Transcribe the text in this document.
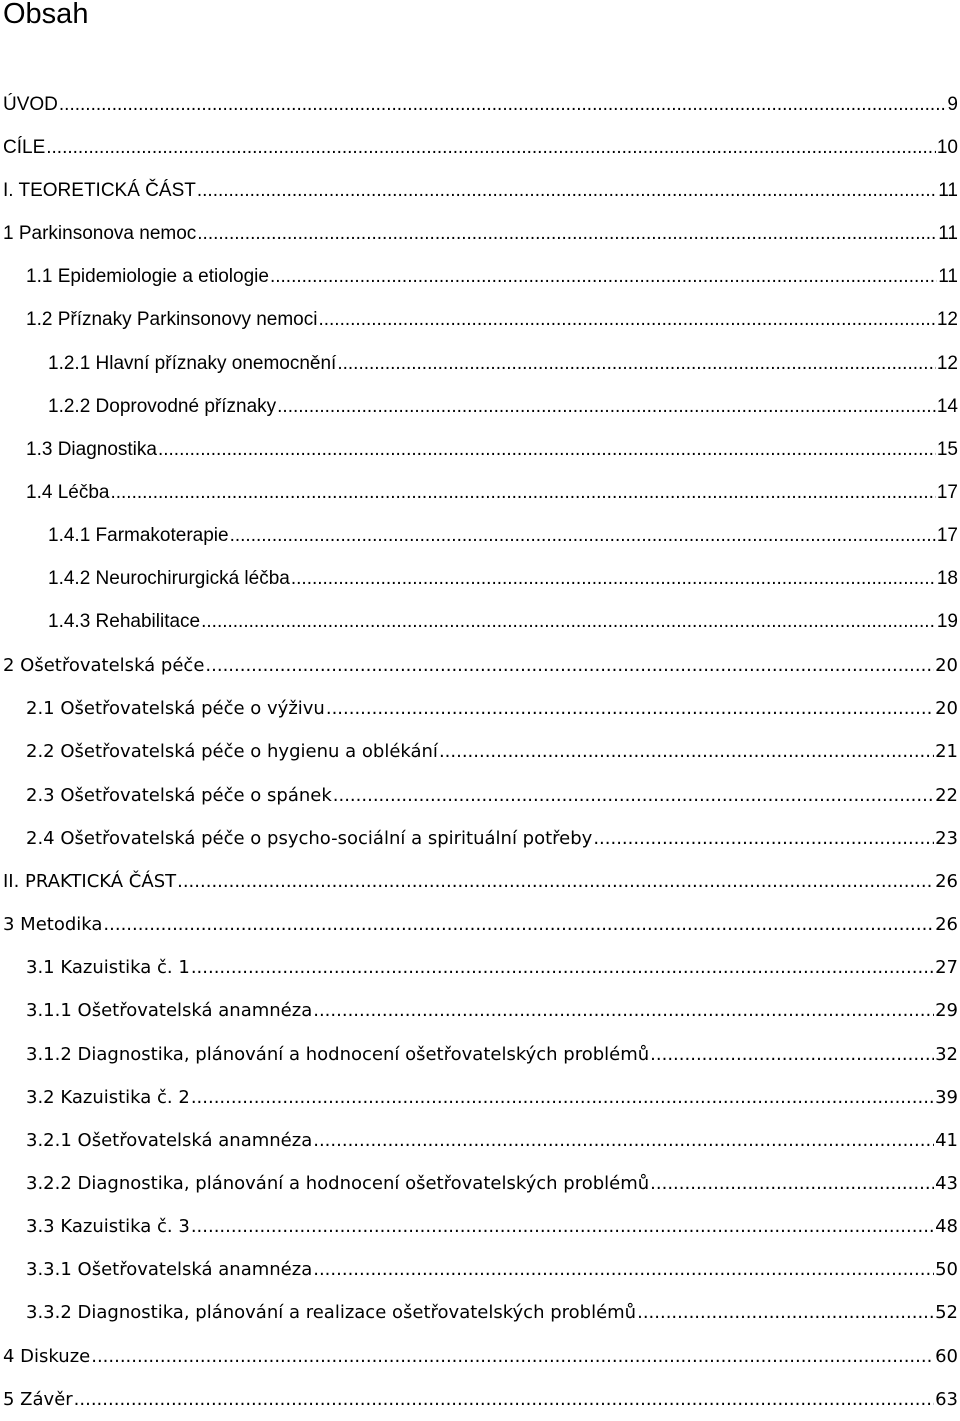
Obsah
ÚVOD .....	9
CÍLE .....	10
I. TEORETICKÁ ČÁST .....	11
1 Parkinsonova nemoc .....	11
1.1 Epidemiologie a etiologie .....	11
1.2 Příznaky Parkinsonovy nemoci .....	12
1.2.1 Hlavní příznaky onemocnění .....	12
1.2.2 Doprovodné příznaky .....	14
1.3 Diagnostika .....	15
1.4 Léčba .....	17
1.4.1 Farmakoterapie .....	17
1.4.2 Neurochirurgická léčba .....	18
1.4.3 Rehabilitace .....	19
2 Ošetřovatelská péče .....	20
2.1 Ošetřovatelská péče o výživu .....	20
2.2 Ošetřovatelská péče o hygienu a oblékání .....	21
2.3 Ošetřovatelská péče o spánek .....	22
2.4 Ošetřovatelská péče o psycho-sociální a spirituální potřeby .....	23
II. PRAKTICKÁ ČÁST .....	26
3 Metodika .....	26
3.1 Kazuistika č. 1 .....	27
3.1.1 Ošetřovatelská anamnéza .....	29
3.1.2 Diagnostika, plánování a hodnocení ošetřovatelských problémů .....	32
3.2 Kazuistika č. 2 .....	39
3.2.1 Ošetřovatelská anamnéza .....	41
3.2.2 Diagnostika, plánování a hodnocení ošetřovatelských problémů .....	43
3.3 Kazuistika č. 3 .....	48
3.3.1 Ošetřovatelská anamnéza .....	50
3.3.2 Diagnostika, plánování a realizace ošetřovatelských problémů .....	52
4 Diskuze .....	60
5 Závěr .....	63
